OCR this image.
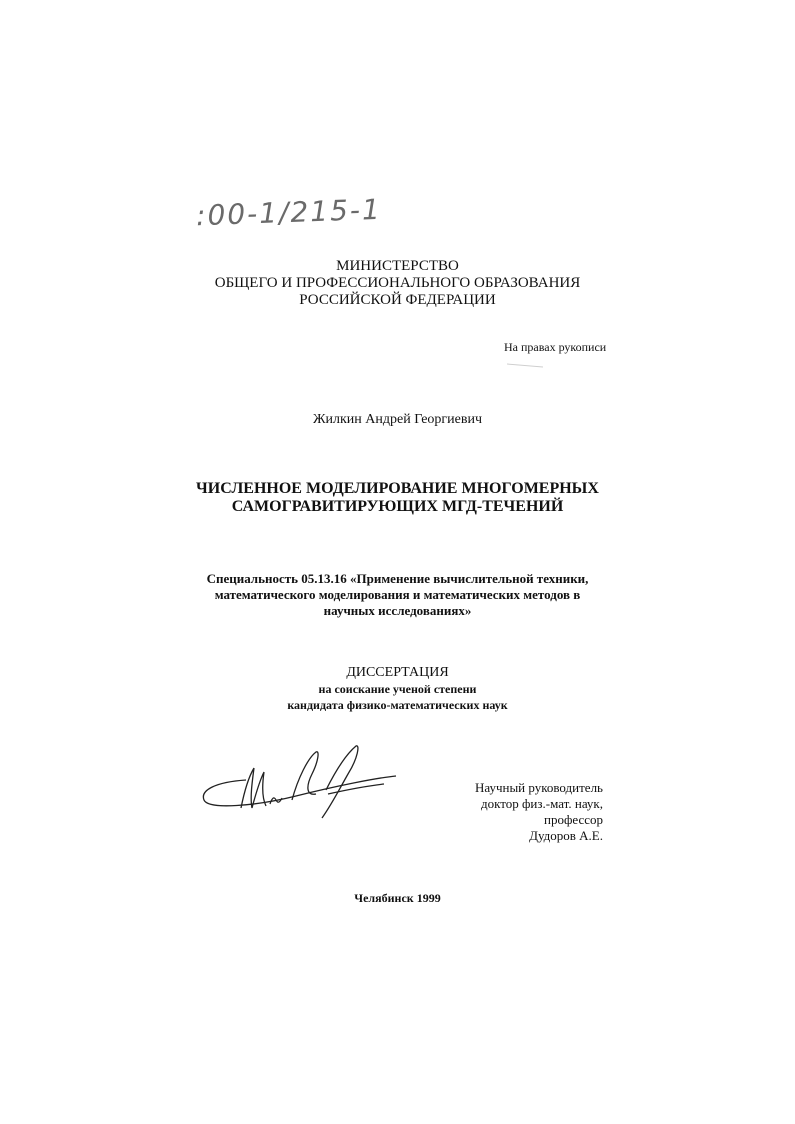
:00-1/215-1
МИНИСТЕРСТВО
ОБЩЕГО И ПРОФЕССИОНАЛЬНОГО ОБРАЗОВАНИЯ
РОССИЙСКОЙ ФЕДЕРАЦИИ
На правах рукописи
Жилкин Андрей Георгиевич
ЧИСЛЕННОЕ МОДЕЛИРОВАНИЕ МНОГОМЕРНЫХ
САМОГРАВИТИРУЮЩИХ МГД-ТЕЧЕНИЙ
Специальность 05.13.16 «Применение вычислительной техники,
математического моделирования и математических методов в
научных исследованиях»
ДИССЕРТАЦИЯ
на соискание ученой степени
кандидата физико-математических наук
Научный руководитель
доктор физ.-мат. наук,
профессор
Дудоров А.Е.
Челябинск 1999
